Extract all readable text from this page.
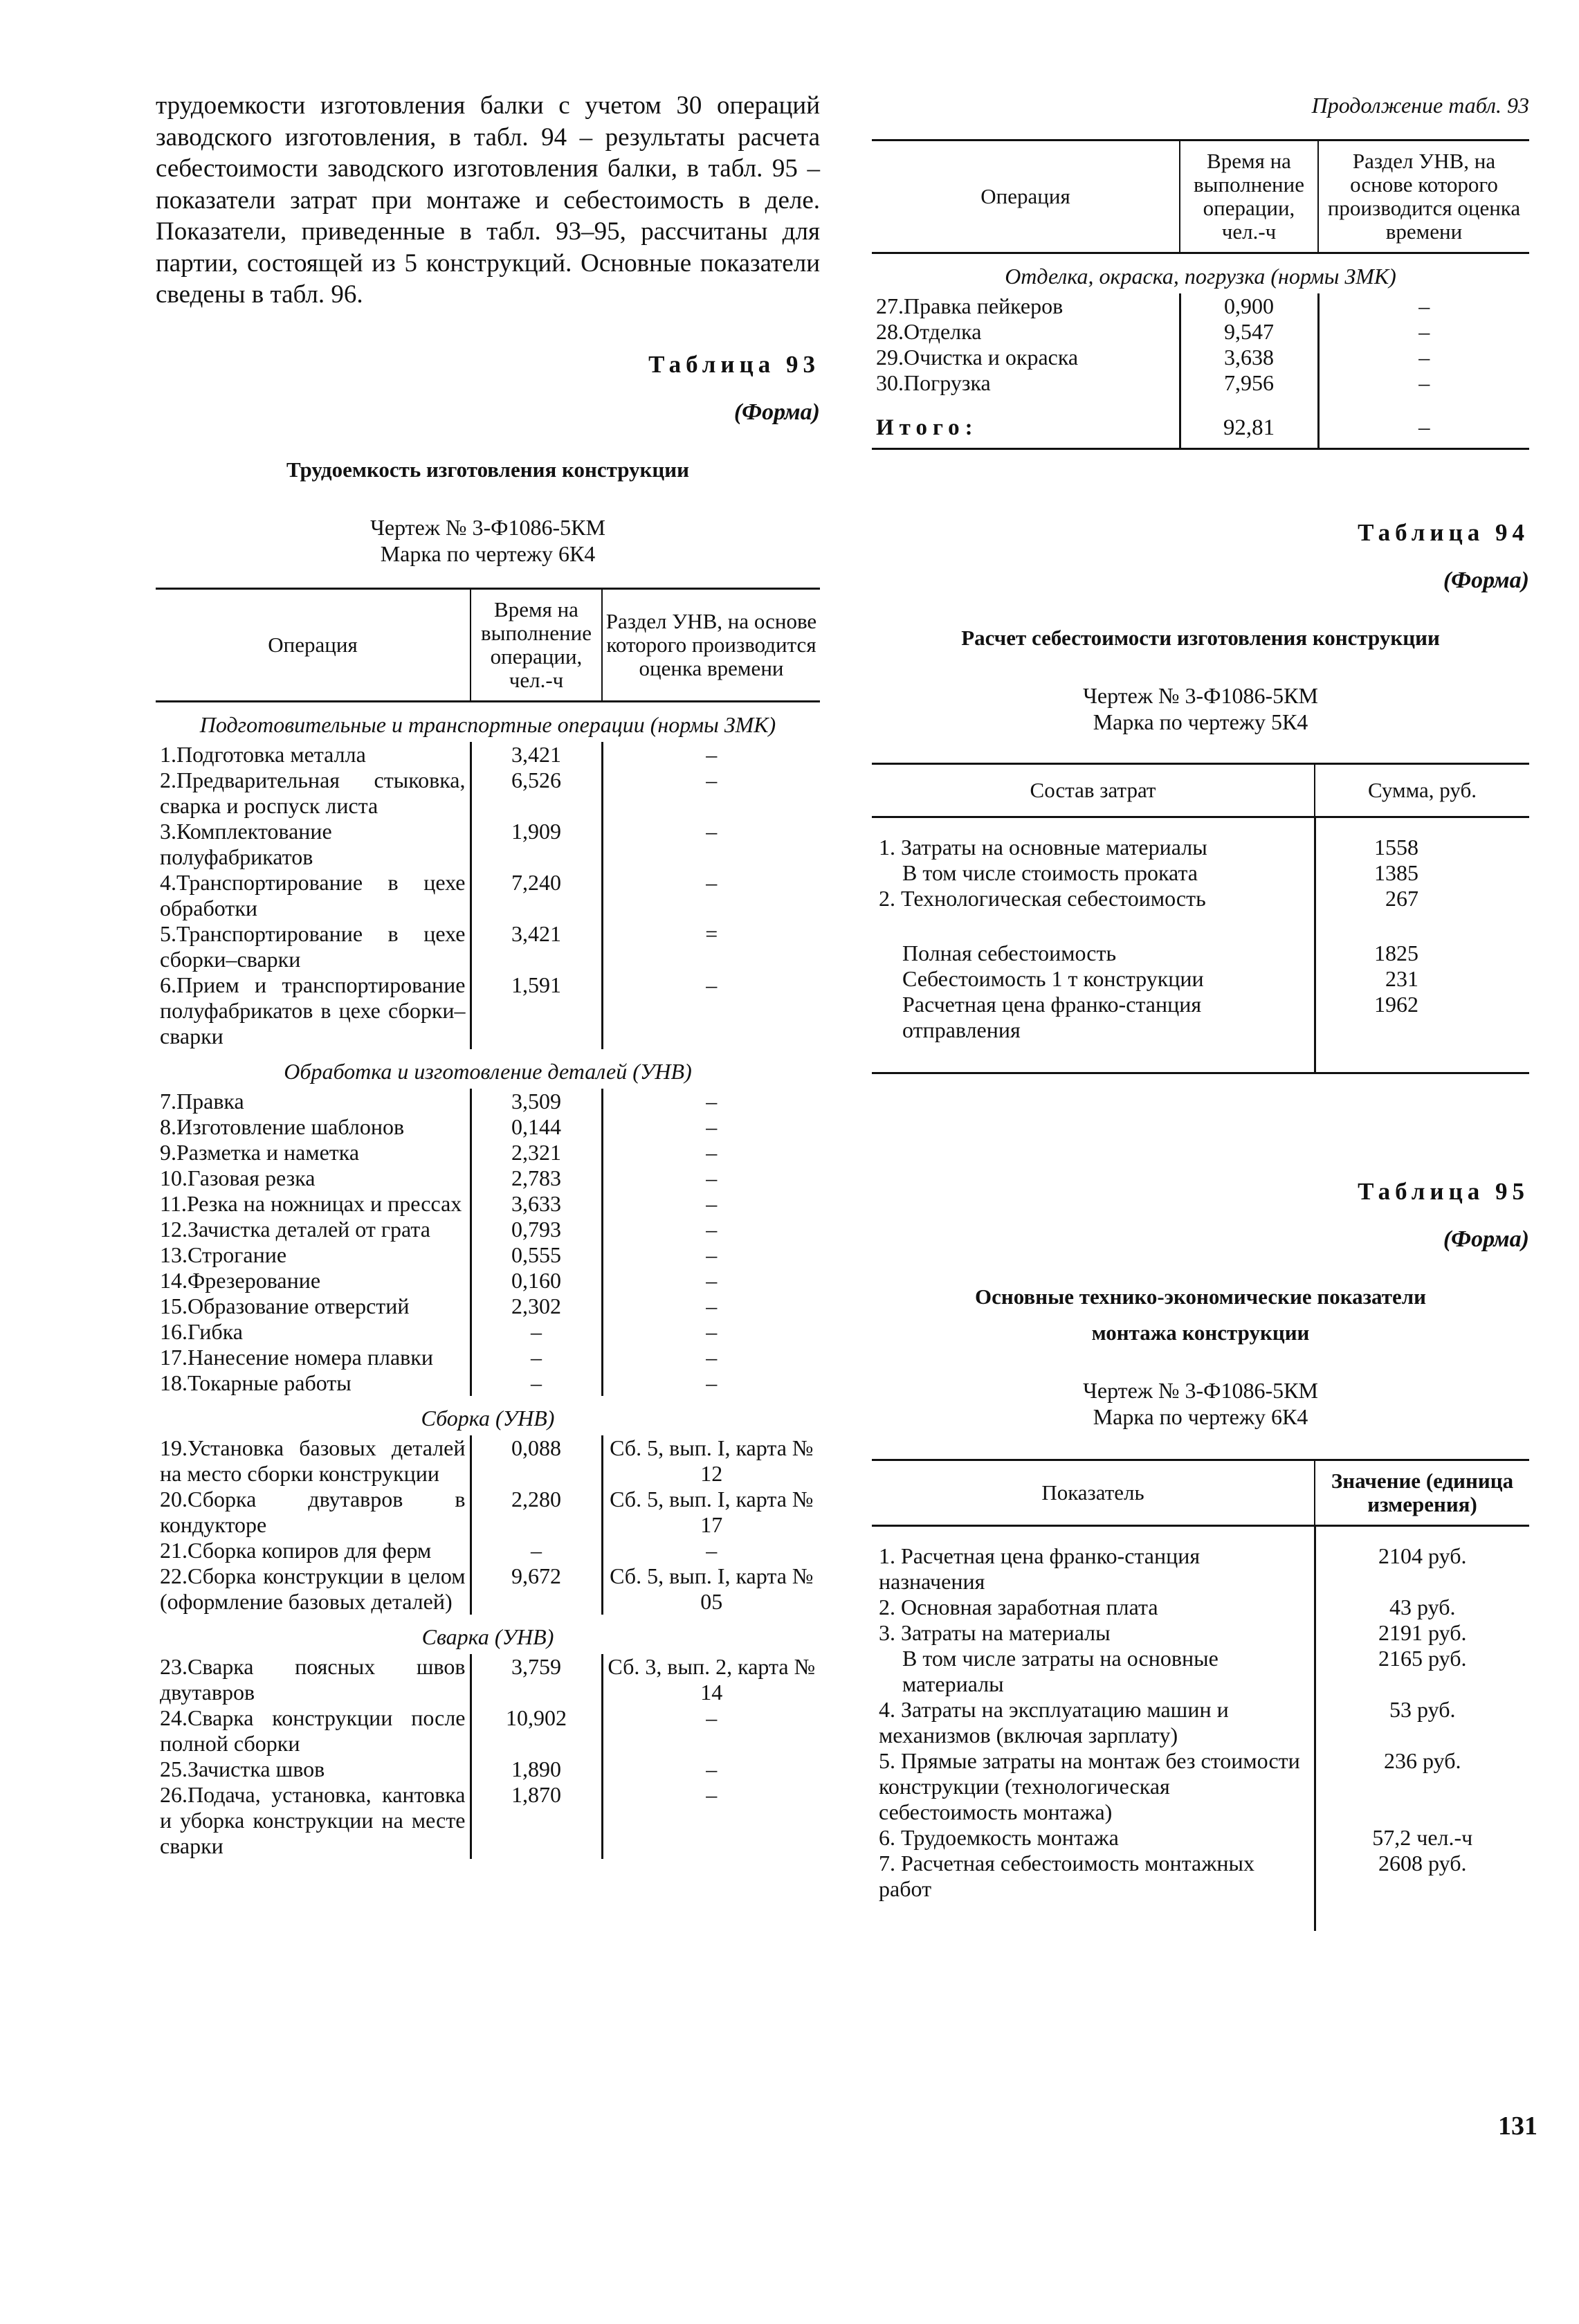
трудоемкости изготовления балки с учетом 30 операций заводского изготовления, в табл. 94 – результаты расчета себестоимости заводского изготовления балки, в табл. 95 – показатели затрат при монтаже и себестоимость в деле. Показатели, приведенные в табл. 93–95, рассчитаны для партии, состоящей из 5 конструкций. Основные показатели сведены в табл. 96.

Таблица 93
(Форма)
Трудоемкость изготовления конструкции
Чертеж № 3-Ф1086-5КМ
Марка по чертежу 6К4
Операция	Время на выполнение операции, чел.-ч	Раздел УНВ, на основе которого производится оценка времени
Подготовительные и транспортные операции (нормы ЗМК)		
1.Подготовка металла	3,421	–
2.Предварительная стыковка, сварка и роспуск листа	6,526	–
3.Комплектование полуфабрикатов	1,909	–
4.Транспортирование в цехе обработки	7,240	–
5.Транспортирование в цехе сборки–сварки	3,421	=
6.Прием и транспортирование полуфабрикатов в цехе сборки–сварки	1,591	–
Обработка и изготовление деталей (УНВ)		
7.Правка	3,509	–
8.Изготовление шаблонов	0,144	–
9.Разметка и наметка	2,321	–
10.Газовая резка	2,783	–
11.Резка на ножницах и прессах	3,633	–
12.Зачистка деталей от грата	0,793	–
13.Строгание	0,555	–
14.Фрезерование	0,160	–
15.Образование отверстий	2,302	–
16.Гибка	–	–
17.Нанесение номера плавки	–	–
18.Токарные работы	–	–
Сборка (УНВ)		
19.Установка базовых деталей на место сборки конструкции	0,088	Сб. 5, вып. I, карта № 12
20.Сборка двутавров в кондукторе	2,280	Сб. 5, вып. I, карта № 17
21.Сборка копиров для ферм	–	–
22.Сборка конструкции в целом (оформление базовых деталей)	9,672	Сб. 5, вып. I, карта № 05
Сварка (УНВ)		
23.Сварка поясных швов двутавров	3,759	Сб. 3, вып. 2, карта № 14
24.Сварка конструкции после полной сборки	10,902	–
25.Зачистка швов	1,890	–
26.Подача, установка, кантовка и уборка конструкции на месте сварки	1,870	–
Продолжение табл. 93
Операция	Время на выполнение операции, чел.-ч	Раздел УНВ, на основе которого производится оценка времени
Отделка, окраска, погрузка (нормы ЗМК)		
27.Правка пейкеров	0,900	–
28.Отделка	9,547	–
29.Очистка и окраска	3,638	–
30.Погрузка	7,956	–
Итого:	92,81	–
Таблица 94
(Форма)
Расчет себестоимости изготовления конструкции
Чертеж № 3-Ф1086-5КМ
Марка по чертежу 5К4
Состав затрат	Сумма, руб.

1. Затраты на основные материалы	1558
В том числе стоимость проката	1385
2. Технологическая себестоимость	267

Полная себестоимость	1825
Себестоимость 1 т конструкции	231
Расчетная цена франко-станция отправления	1962

Таблица 95
(Форма)
Основные технико-экономические показатели монтажа конструкции
Чертеж № 3-Ф1086-5КМ
Марка по чертежу 6К4
Показатель	Значение (единица измерения)

1. Расчетная цена франко-станция назначения	2104 руб.
2. Основная заработная плата	43 руб.
3. Затраты на материалы	2191 руб.
В том числе затраты на основные материалы	2165 руб.
4. Затраты на эксплуатацию машин и механизмов (включая зарплату)	53 руб.
5. Прямые затраты на монтаж без стоимости конструкции (технологическая себестоимость монтажа)	236 руб.
6. Трудоемкость монтажа	57,2 чел.-ч
7. Расчетная себестоимость монтажных работ	2608 руб.

131
